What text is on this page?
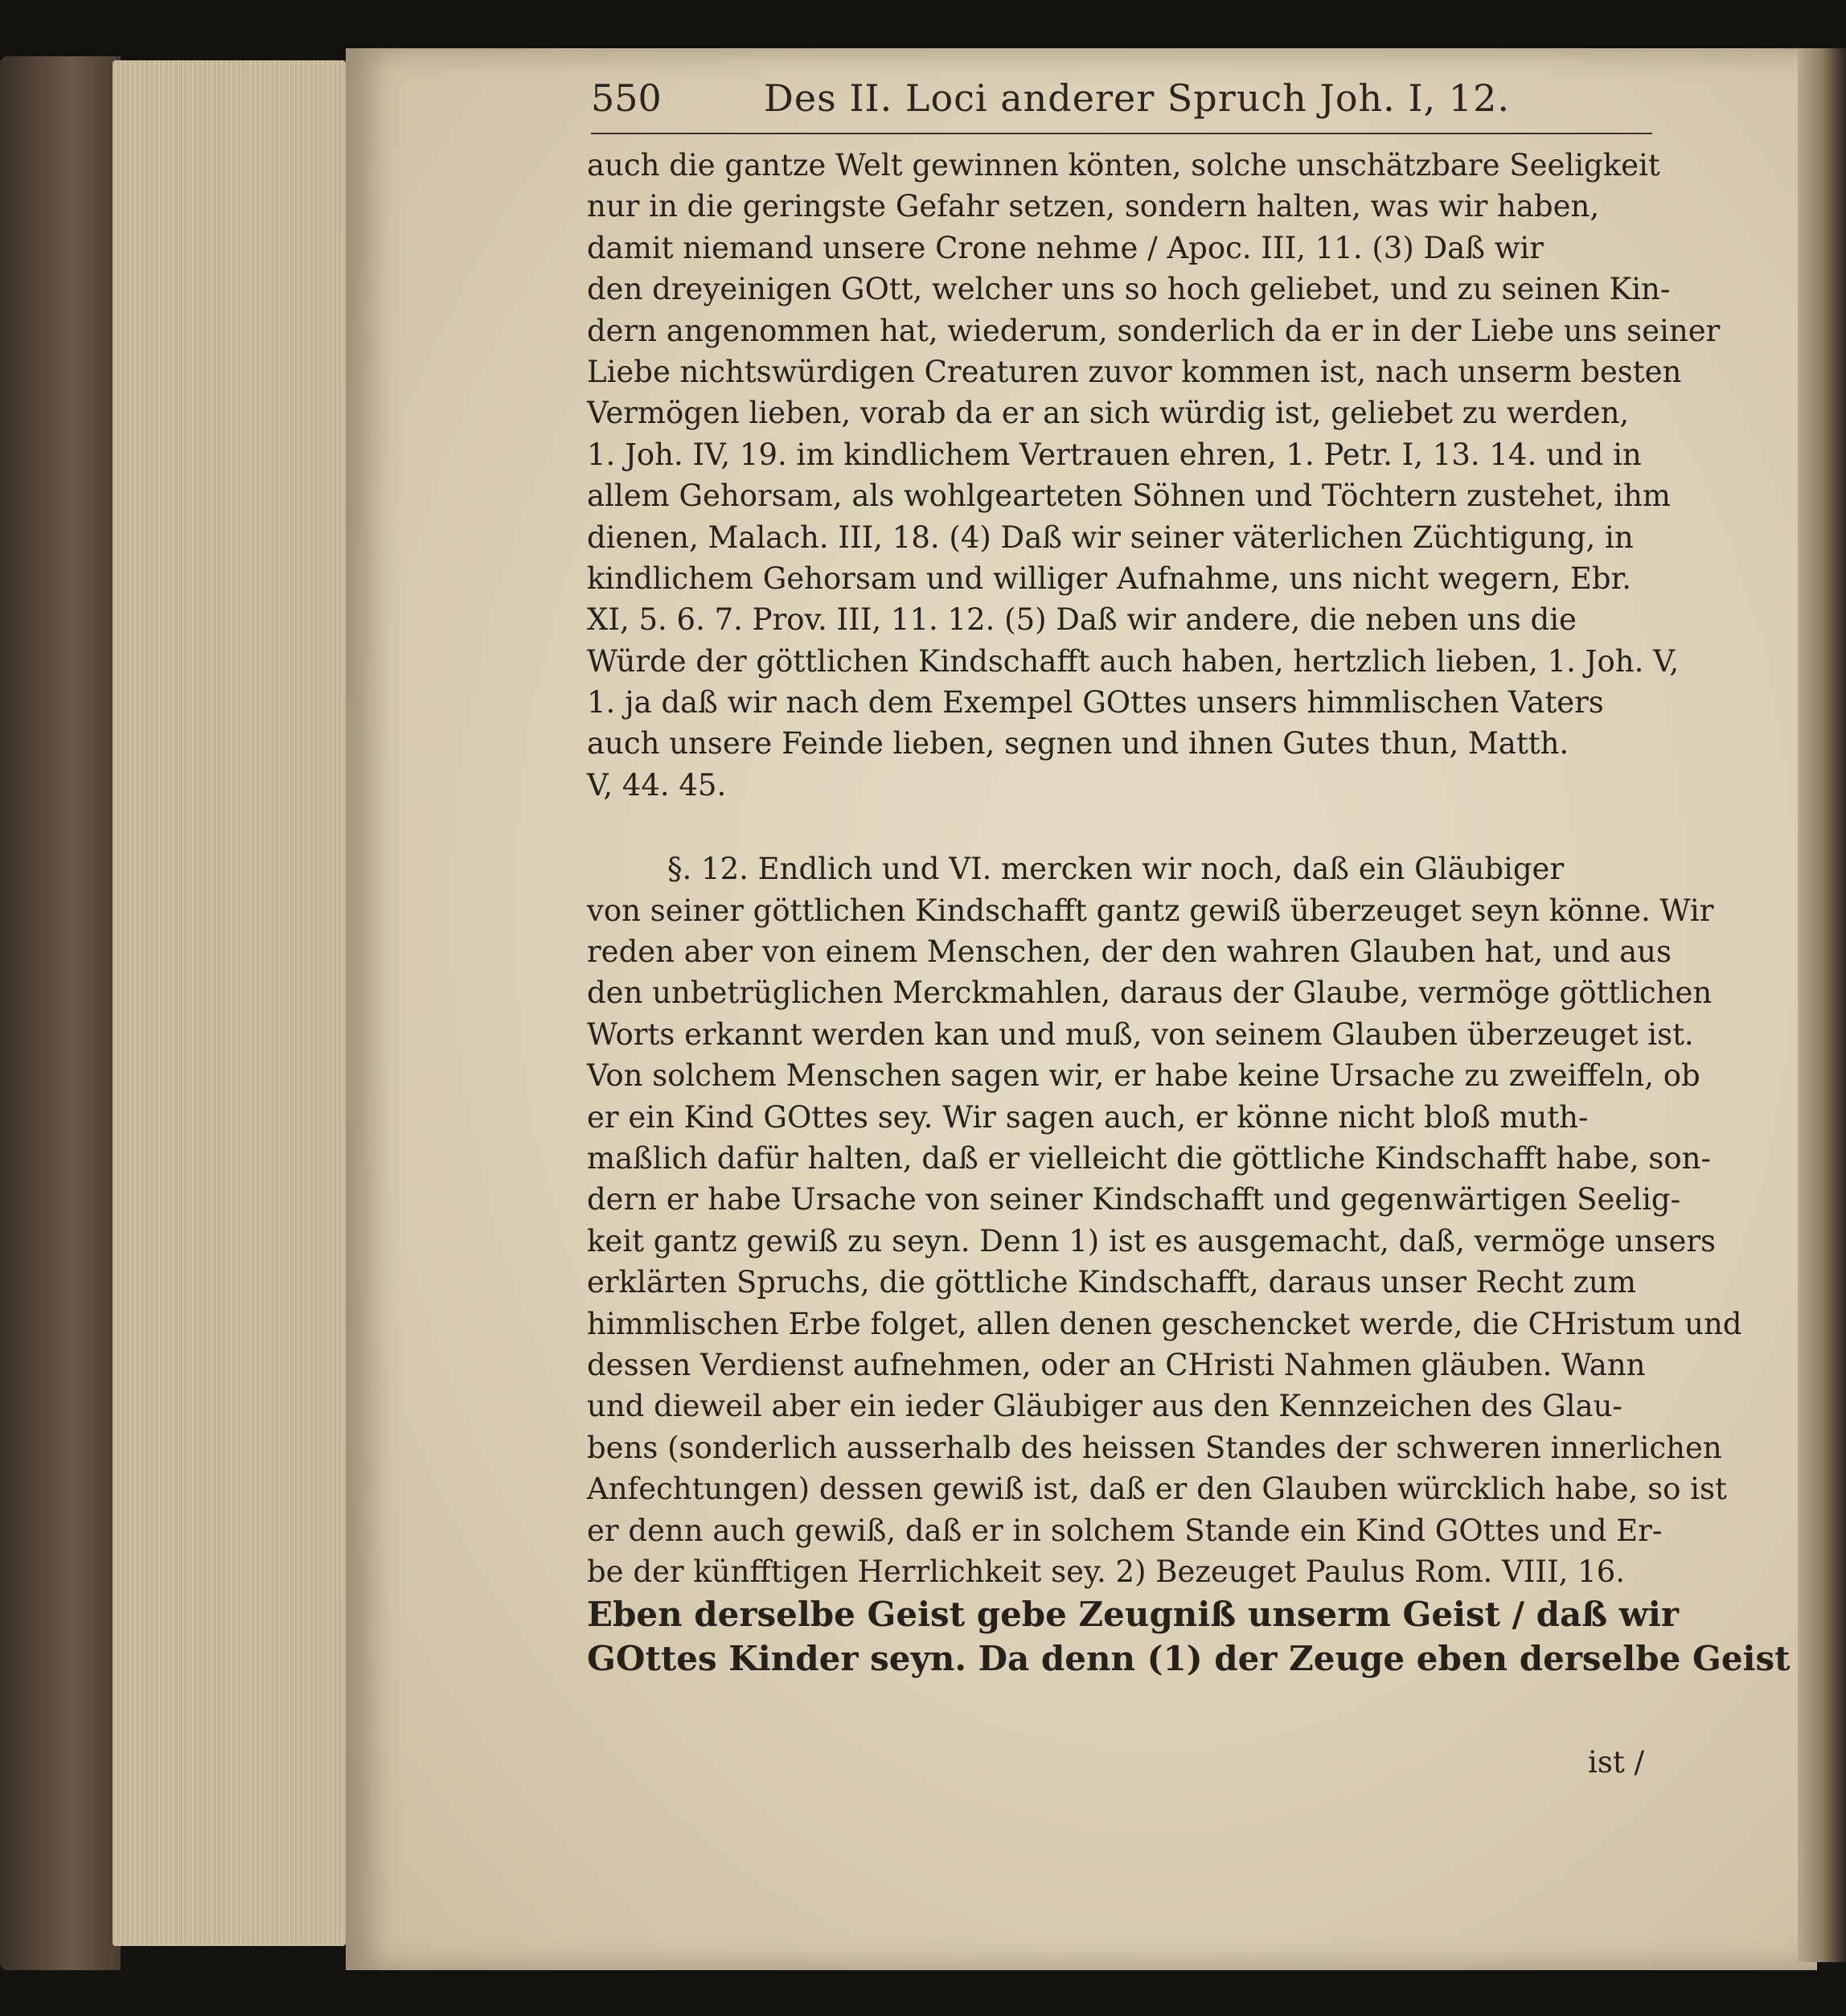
550	Des II. Loci anderer Spruch Joh. I, 12.
auch die gantze Welt gewinnen könten, solche unschätzbare Seeligkeit
nur in die geringste Gefahr setzen, sondern halten, was wir haben,
damit niemand unsere Crone nehme / Apoc. III, 11. (3) Daß wir
den dreyeinigen GOtt, welcher uns so hoch geliebet, und zu seinen Kin-
dern angenommen hat, wiederum, sonderlich da er in der Liebe uns seiner
Liebe nichtswürdigen Creaturen zuvor kommen ist, nach unserm besten
Vermögen lieben, vorab da er an sich würdig ist, geliebet zu werden,
1. Joh. IV, 19. im kindlichem Vertrauen ehren, 1. Petr. I, 13. 14. und in
allem Gehorsam, als wohlgearteten Söhnen und Töchtern zustehet, ihm
dienen, Malach. III, 18. (4) Daß wir seiner väterlichen Züchtigung, in
kindlichem Gehorsam und williger Aufnahme, uns nicht wegern, Ebr.
XI, 5. 6. 7. Prov. III, 11. 12. (5) Daß wir andere, die neben uns die
Würde der göttlichen Kindschafft auch haben, hertzlich lieben, 1. Joh. V,
1. ja daß wir nach dem Exempel GOttes unsers himmlischen Vaters
auch unsere Feinde lieben, segnen und ihnen Gutes thun, Matth.
V, 44. 45.
§. 12. Endlich und VI. mercken wir noch, daß ein Gläubiger
von seiner göttlichen Kindschafft gantz gewiß überzeuget seyn könne. Wir
reden aber von einem Menschen, der den wahren Glauben hat, und aus
den unbetrüglichen Merckmahlen, daraus der Glaube, vermöge göttlichen
Worts erkannt werden kan und muß, von seinem Glauben überzeuget ist.
Von solchem Menschen sagen wir, er habe keine Ursache zu zweiffeln, ob
er ein Kind GOttes sey. Wir sagen auch, er könne nicht bloß muth-
maßlich dafür halten, daß er vielleicht die göttliche Kindschafft habe, son-
dern er habe Ursache von seiner Kindschafft und gegenwärtigen Seelig-
keit gantz gewiß zu seyn. Denn 1) ist es ausgemacht, daß, vermöge unsers
erklärten Spruchs, die göttliche Kindschafft, daraus unser Recht zum
himmlischen Erbe folget, allen denen geschencket werde, die CHristum und
dessen Verdienst aufnehmen, oder an CHristi Nahmen gläuben. Wann
und dieweil aber ein ieder Gläubiger aus den Kennzeichen des Glau-
bens (sonderlich ausserhalb des heissen Standes der schweren innerlichen
Anfechtungen) dessen gewiß ist, daß er den Glauben würcklich habe, so ist
er denn auch gewiß, daß er in solchem Stande ein Kind GOttes und Er-
be der künfftigen Herrlichkeit sey. 2) Bezeuget Paulus Rom. VIII, 16.
Eben derselbe Geist gebe Zeugniß unserm Geist / daß wir
GOttes Kinder seyn. Da denn (1) der Zeuge eben derselbe Geist
ist /
